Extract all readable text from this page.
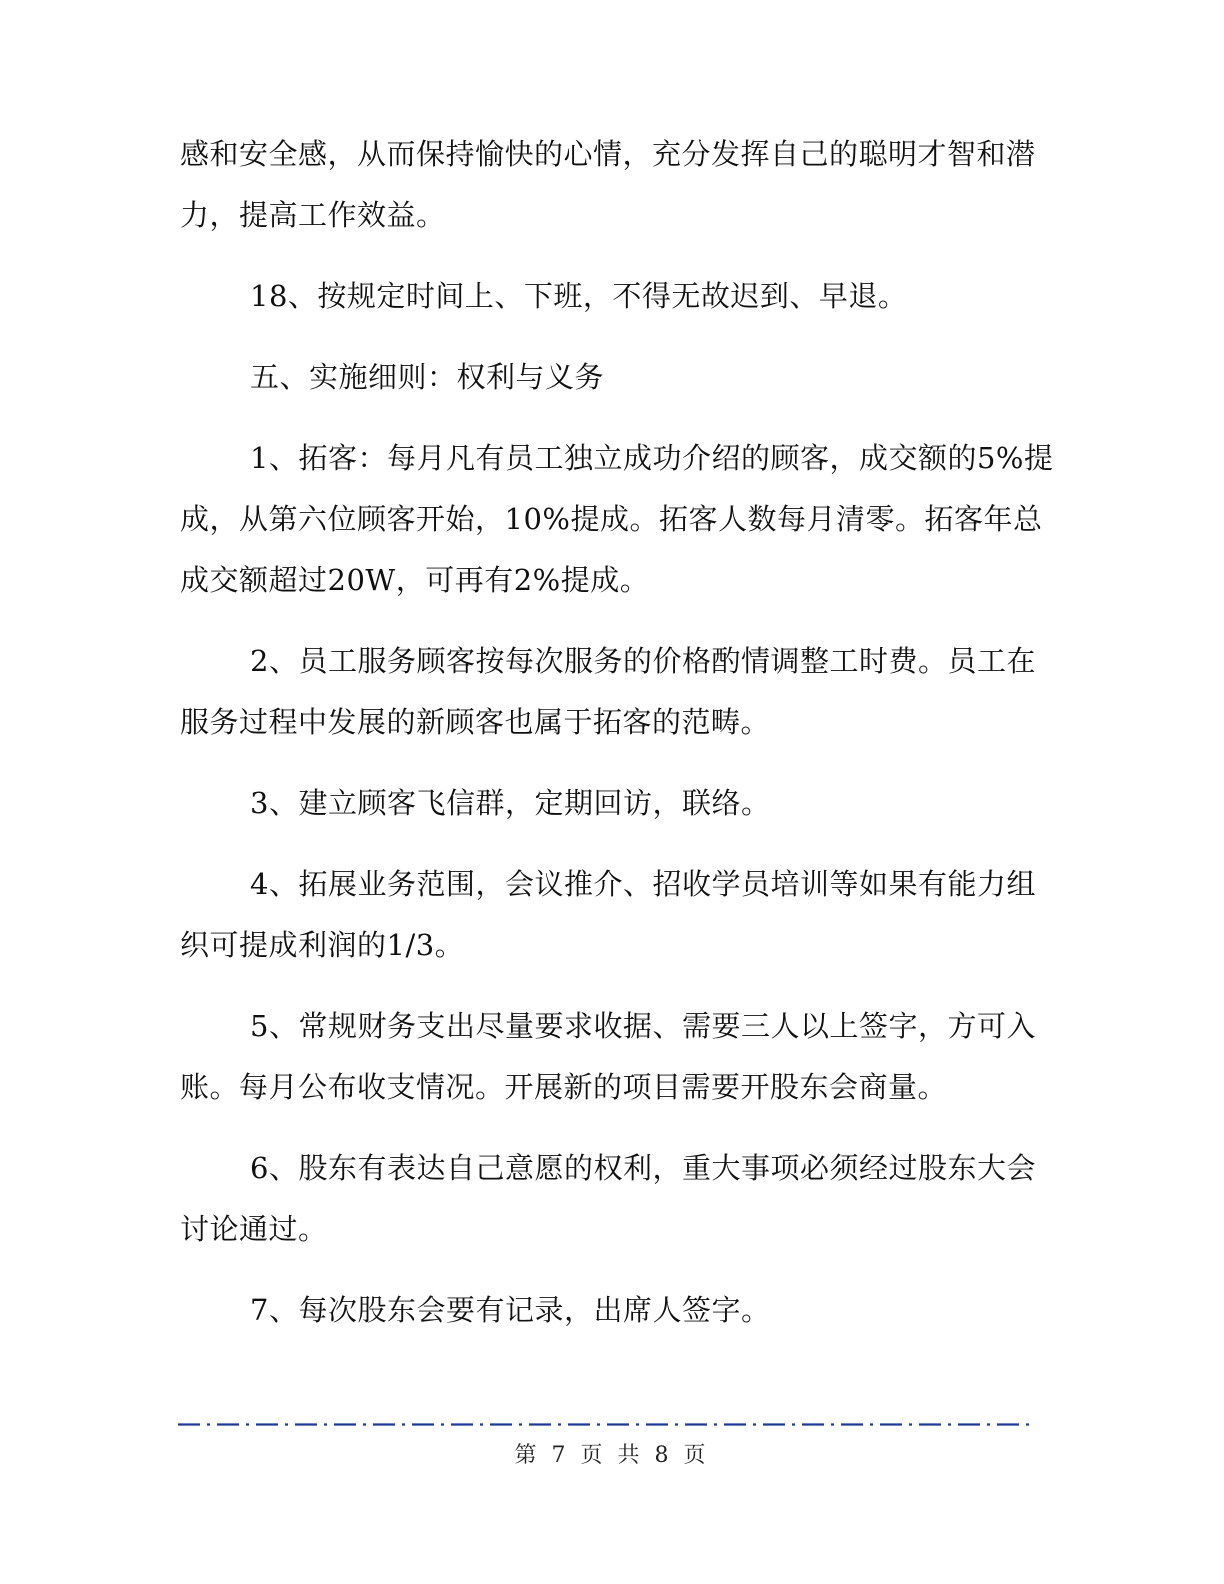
感和安全感，从而保持愉快的心情，充分发挥自己的聪明才智和潜力，提高工作效益。

18、按规定时间上、下班，不得无故迟到、早退。

五、实施细则：权利与义务

1、拓客：每月凡有员工独立成功介绍的顾客，成交额的5%提成，从第六位顾客开始，10%提成。拓客人数每月清零。拓客年总成交额超过20W，可再有2%提成。

2、员工服务顾客按每次服务的价格酌情调整工时费。员工在服务过程中发展的新顾客也属于拓客的范畴。

3、建立顾客飞信群，定期回访，联络。

4、拓展业务范围，会议推介、招收学员培训等如果有能力组织可提成利润的1/3。

5、常规财务支出尽量要求收据、需要三人以上签字，方可入账。每月公布收支情况。开展新的项目需要开股东会商量。

6、股东有表达自己意愿的权利，重大事项必须经过股东大会讨论通过。

7、每次股东会要有记录，出席人签字。

第 7 页 共 8 页
